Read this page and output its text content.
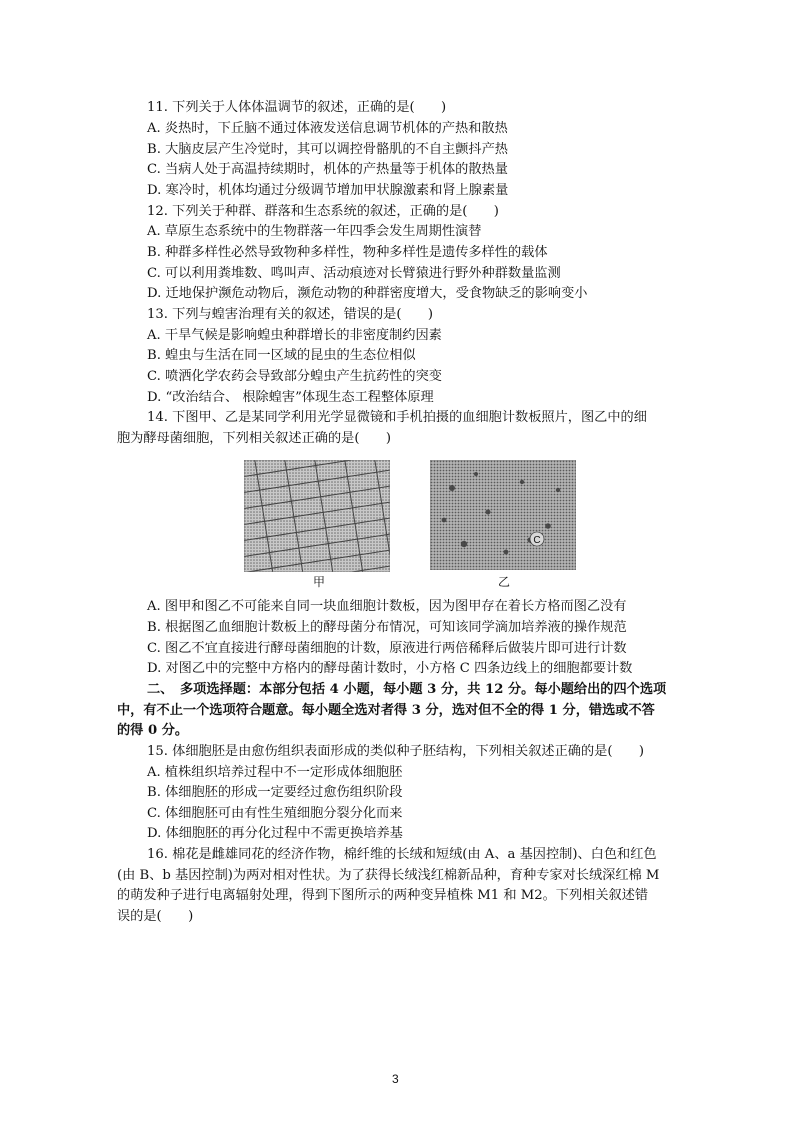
11. 下列关于人体体温调节的叙述，正确的是(　　)
A. 炎热时，下丘脑不通过体液发送信息调节机体的产热和散热
B. 大脑皮层产生冷觉时，其可以调控骨骼肌的不自主颤抖产热
C. 当病人处于高温持续期时，机体的产热量等于机体的散热量
D. 寒冷时，机体均通过分级调节增加甲状腺激素和肾上腺素量
12. 下列关于种群、群落和生态系统的叙述，正确的是(　　)
A. 草原生态系统中的生物群落一年四季会发生周期性演替
B. 种群多样性必然导致物种多样性，物种多样性是遗传多样性的载体
C. 可以利用粪堆数、鸣叫声、活动痕迹对长臂猿进行野外种群数量监测
D. 迁地保护濒危动物后，濒危动物的种群密度增大，受食物缺乏的影响变小
13. 下列与蝗害治理有关的叙述，错误的是(　　)
A. 干旱气候是影响蝗虫种群增长的非密度制约因素
B. 蝗虫与生活在同一区域的昆虫的生态位相似
C. 喷洒化学农药会导致部分蝗虫产生抗药性的突变
D. “改治结合、 根除蝗害”体现生态工程整体原理
14. 下图甲、乙是某同学利用光学显微镜和手机拍摄的血细胞计数板照片，图乙中的细
胞为酵母菌细胞，下列相关叙述正确的是(　　)
甲
C
乙
A. 图甲和图乙不可能来自同一块血细胞计数板，因为图甲存在着长方格而图乙没有
B. 根据图乙血细胞计数板上的酵母菌分布情况，可知该同学滴加培养液的操作规范
C. 图乙不宜直接进行酵母菌细胞的计数，原液进行两倍稀释后做装片即可进行计数
D. 对图乙中的完整中方格内的酵母菌计数时，小方格 C 四条边线上的细胞都要计数
二、　多项选择题：本部分包括 4 小题，每小题 3 分，共 12 分。每小题给出的四个选项
中，有不止一个选项符合题意。每小题全选对者得 3 分，选对但不全的得 1 分，错选或不答
的得 0 分。
15. 体细胞胚是由愈伤组织表面形成的类似种子胚结构，下列相关叙述正确的是(　　)
A. 植株组织培养过程中不一定形成体细胞胚
B. 体细胞胚的形成一定要经过愈伤组织阶段
C. 体细胞胚可由有性生殖细胞分裂分化而来
D. 体细胞胚的再分化过程中不需更换培养基
16. 棉花是雌雄同花的经济作物，棉纤维的长绒和短绒(由 A、a 基因控制)、白色和红色
(由 B、b 基因控制)为两对相对性状。为了获得长绒浅红棉新品种，育种专家对长绒深红棉 M
的萌发种子进行电离辐射处理，得到下图所示的两种变异植株 M1 和 M2。下列相关叙述错
误的是(　　)
3
